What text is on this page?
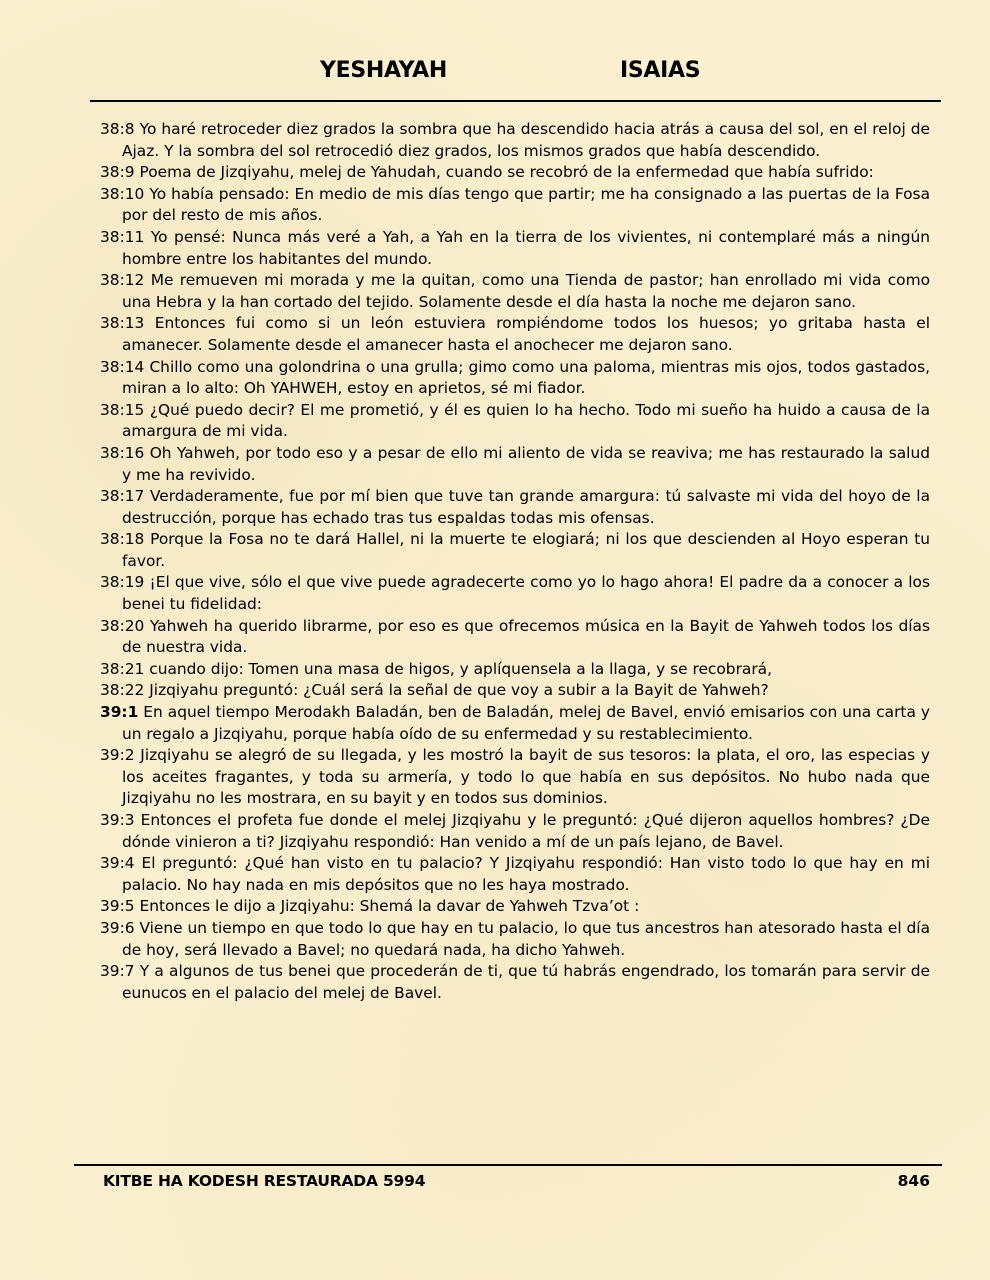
YESHAYAH	ISAIAS

38:8 Yo haré retroceder diez grados la sombra que ha descendido hacia atrás a causa del sol, en el reloj de Ajaz. Y la sombra del sol retrocedió diez grados, los mismos grados que había descendido.

38:9 Poema de Jizqiyahu, melej de Yahudah, cuando se recobró de la enfermedad que había sufrido:

38:10 Yo había pensado: En medio de mis días tengo que partir; me ha consignado a las puertas de la Fosa por del resto de mis años.

38:11 Yo pensé: Nunca más veré a Yah, a Yah en la tierra de los vivientes, ni contemplaré más a ningún hombre entre los habitantes del mundo.

38:12 Me remueven mi morada y me la quitan, como una Tienda de pastor; han enrollado mi vida como una Hebra y la han cortado del tejido. Solamente desde el día hasta la noche me dejaron sano.

38:13 Entonces fui como si un león estuviera rompiéndome todos los huesos; yo gritaba hasta el amanecer. Solamente desde el amanecer hasta el anochecer me dejaron sano.

38:14 Chillo como una golondrina o una grulla; gimo como una paloma, mientras mis ojos, todos gastados, miran a lo alto: Oh YAHWEH, estoy en aprietos, sé mi fiador.

38:15 ¿Qué puedo decir? El me prometió, y él es quien lo ha hecho. Todo mi sueño ha huido a causa de la amargura de mi vida.

38:16 Oh Yahweh, por todo eso y a pesar de ello mi aliento de vida se reaviva; me has restaurado la salud y me ha revivido.

38:17 Verdaderamente, fue por mí bien que tuve tan grande amargura: tú salvaste mi vida del hoyo de la destrucción, porque has echado tras tus espaldas todas mis ofensas.

38:18 Porque la Fosa no te dará Hallel, ni la muerte te elogiará; ni los que descienden al Hoyo esperan tu favor.

38:19 ¡El que vive, sólo el que vive puede agradecerte como yo lo hago ahora! El padre da a conocer a los benei tu fidelidad:

38:20 Yahweh ha querido librarme, por eso es que ofrecemos música en la Bayit de Yahweh todos los días de nuestra vida.

38:21 cuando dijo: Tomen una masa de higos, y aplíquensela a la llaga, y se recobrará,

38:22 Jizqiyahu preguntó: ¿Cuál será la señal de que voy a subir a la Bayit de Yahweh?

39:1 En aquel tiempo Merodakh Baladán, ben de Baladán, melej de Bavel, envió emisarios con una carta y un regalo a Jizqiyahu, porque había oído de su enfermedad y su restablecimiento.

39:2 Jizqiyahu se alegró de su llegada, y les mostró la bayit de sus tesoros: la plata, el oro, las especias y los aceites fragantes, y toda su armería, y todo lo que había en sus depósitos. No hubo nada que Jizqiyahu no les mostrara, en su bayit y en todos sus dominios.

39:3 Entonces el profeta fue donde el melej Jizqiyahu y le preguntó: ¿Qué dijeron aquellos hombres? ¿De dónde vinieron a ti? Jizqiyahu respondió: Han venido a mí de un país lejano, de Bavel.

39:4 El preguntó: ¿Qué han visto en tu palacio? Y Jizqiyahu respondió: Han visto todo lo que hay en mi palacio. No hay nada en mis depósitos que no les haya mostrado.

39:5 Entonces le dijo a Jizqiyahu: Shemá la davar de Yahweh Tzva’ot :

39:6 Viene un tiempo en que todo lo que hay en tu palacio, lo que tus ancestros han atesorado hasta el día de hoy, será llevado a Bavel; no quedará nada, ha dicho Yahweh.

39:7 Y a algunos de tus benei que procederán de ti, que tú habrás engendrado, los tomarán para servir de eunucos en el palacio del melej de Bavel.

KITBE HA KODESH RESTAURADA 5994	846
